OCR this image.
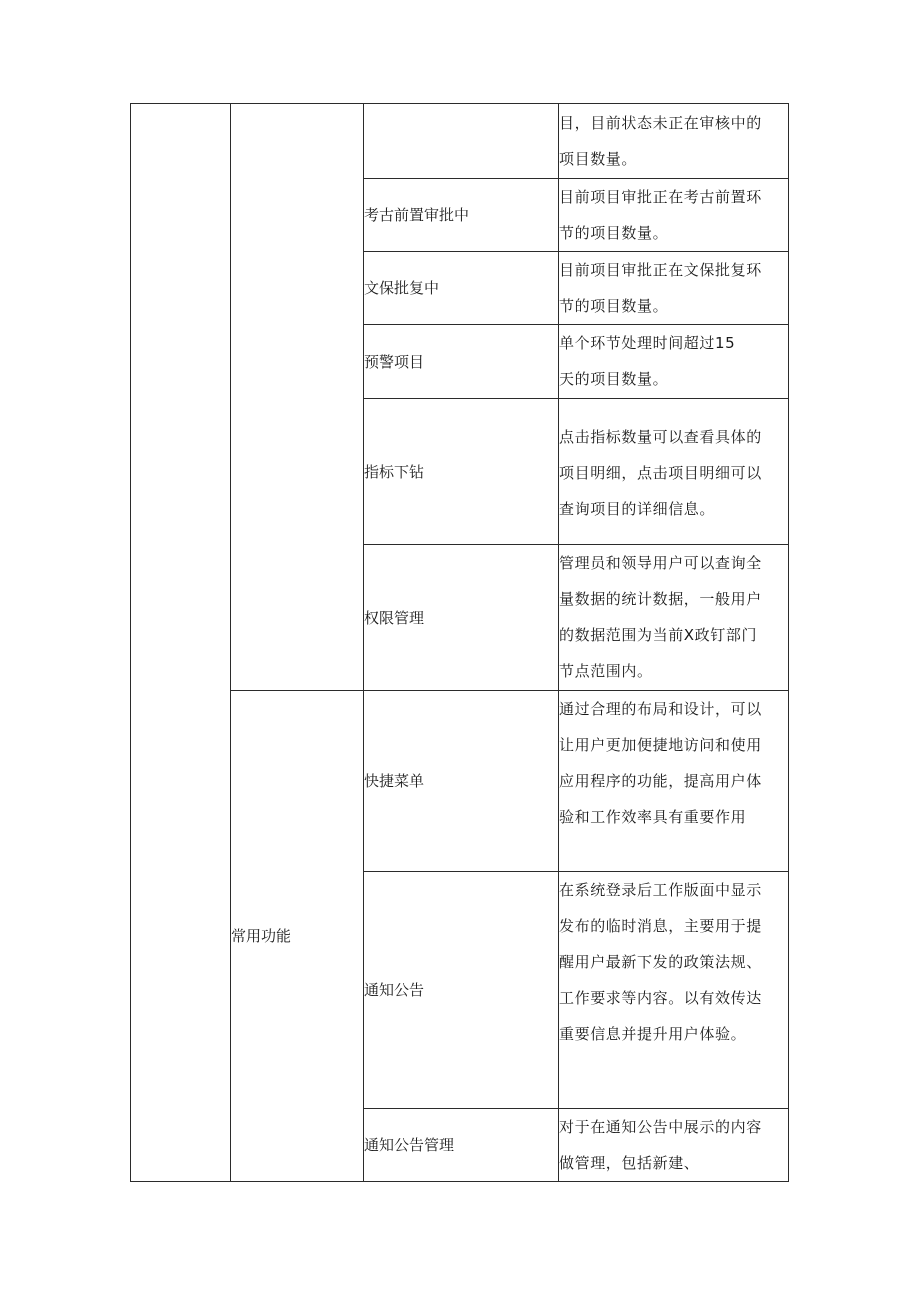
			目，目前状态未正在审核中的
项目数量。

		考古前置审批中	目前项目审批正在考古前置环
节的项目数量。

		文保批复中	目前项目审批正在文保批复环
节的项目数量。

		预警项目	单个环节处理时间超过15
天的项目数量。

		指标下钻	点击指标数量可以查看具体的
项目明细，点击项目明细可以
查询项目的详细信息。

		权限管理	管理员和领导用户可以查询全
量数据的统计数据，一般用户
的数据范围为当前X政钉部门
节点范围内。

	常用功能	快捷菜单	通过合理的布局和设计，可以
让用户更加便捷地访问和使用
应用程序的功能，提高用户体
验和工作效率具有重要作用

		通知公告	在系统登录后工作版面中显示
发布的临时消息，主要用于提
醒用户最新下发的政策法规、
工作要求等内容。以有效传达
重要信息并提升用户体验。

		通知公告管理	对于在通知公告中展示的内容
做管理，包括新建、
